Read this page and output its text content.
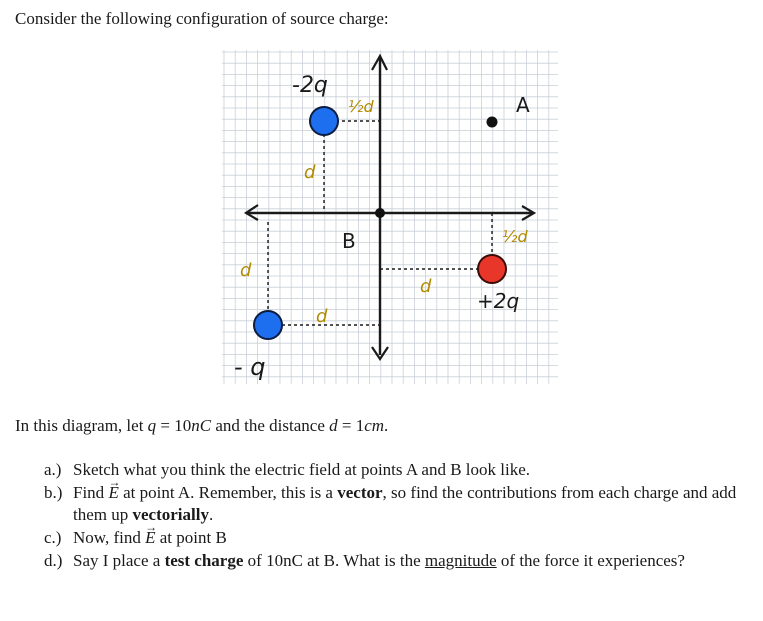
Consider the following configuration of source charge:

-2q
½d	A
d
B	½d
d
d
+2q
d
- q

In this diagram, let q = 10nC and the distance d = 1cm.

a.) Sketch what you think the electric field at points A and B look like.
b.) Find → E at point A. Remember, this is a vector, so find the contributions from each charge and add them up vectorially.
c.) Now, find → E at point B
d.) Say I place a test charge of 10nC at B. What is the magnitude of the force it experiences?
